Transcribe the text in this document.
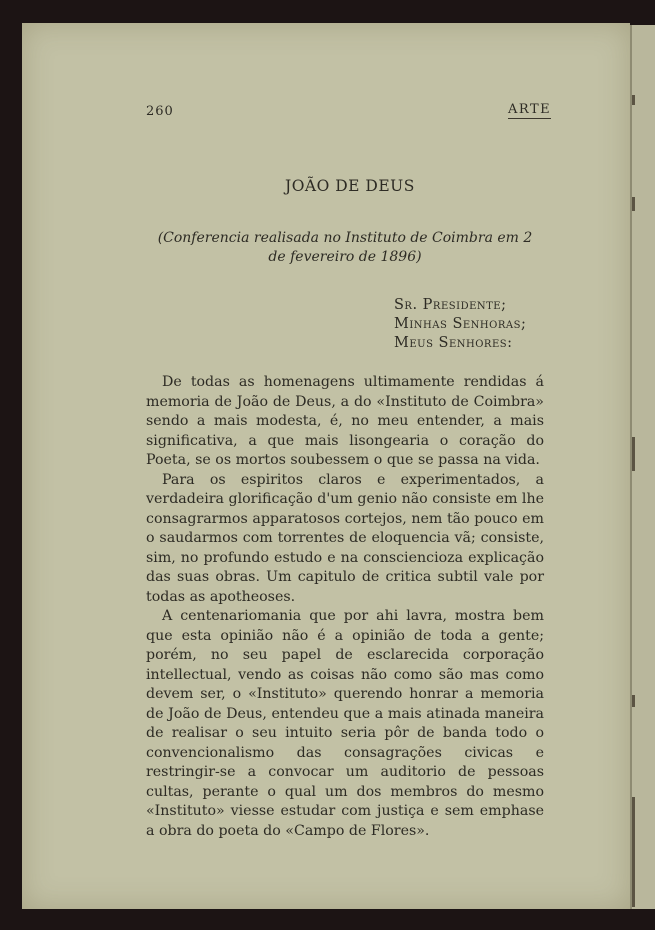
260	ARTE
JOÃO DE DEUS
(Conferencia realisada no Instituto de Coimbra em 2 de fevereiro de 1896)
Sr. Presidente;
Minhas Senhoras;
Meus Senhores:

De todas as homenagens ultimamente rendidas á memoria de João de Deus, a do «Instituto de Coimbra» sendo a mais modesta, é, no meu entender, a mais significativa, a que mais lisongearia o coração do Poeta, se os mortos soubessem o que se passa na vida.

Para os espiritos claros e experimentados, a verdadeira glorificação d'um genio não consiste em lhe consagrarmos apparatosos cortejos, nem tão pouco em o saudarmos com torrentes de eloquencia vã; consiste, sim, no profundo estudo e na consciencioza explicação das suas obras. Um capitulo de critica subtil vale por todas as apotheoses.

A centenariomania que por ahi lavra, mostra bem que esta opinião não é a opinião de toda a gente; porém, no seu papel de esclarecida corporação intellectual, vendo as coisas não como são mas como devem ser, o «Instituto» querendo honrar a memoria de João de Deus, entendeu que a mais atinada maneira de realisar o seu intuito seria pôr de banda todo o convencionalismo das consagrações civicas e restringir-se a convocar um auditorio de pessoas cultas, perante o qual um dos membros do mesmo «Instituto» viesse estudar com justiça e sem emphase a obra do poeta do «Campo de Flores».
